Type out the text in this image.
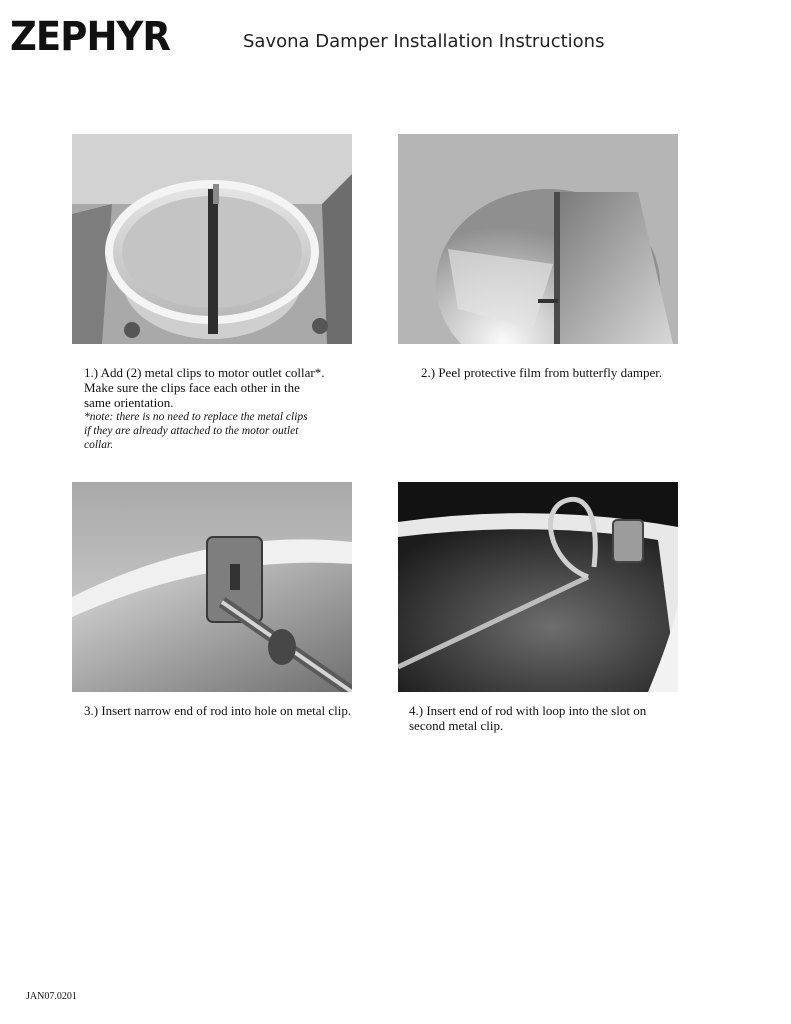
ZEPHYR	Savona Damper Installation Instructions
1.) Add (2) metal clips to motor outlet collar*.
Make sure the clips face each other in the
same orientation.
*note: there is no need to replace the metal clips
if they are already attached to the motor outlet
collar.
2.) Peel protective film from butterfly damper.
3.) Insert narrow end of rod into hole on metal clip.	4.) Insert end of rod with loop into the slot on
second metal clip.
JAN07.0201
